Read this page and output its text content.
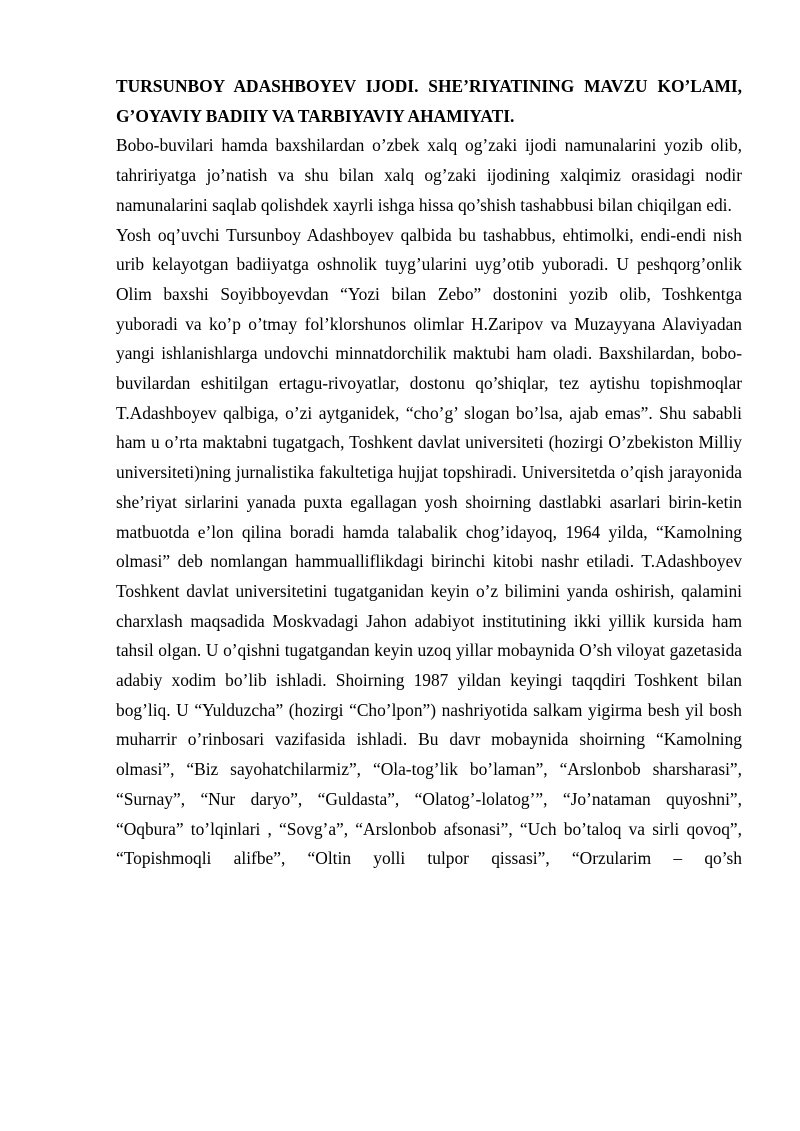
TURSUNBOY ADASHBOYEV IJODI. SHE’RIYATINING MAVZU KO’LAMI, G’OYAVIY BADIIY VA TARBIYAVIY AHAMIYATI.

Bobo-buvilari hamda baxshilardan o’zbek xalq og’zaki ijodi namunalarini yozib olib, tahririyatga jo’natish va shu bilan xalq og’zaki ijodining xalqimiz orasidagi nodir namunalarini saqlab qolishdek xayrli ishga hissa qo’shish tashabbusi bilan chiqilgan edi.

Yosh oq’uvchi Tursunboy Adashboyev qalbida bu tashabbus, ehtimolki, endi-endi nish urib kelayotgan badiiyatga oshnolik tuyg’ularini uyg’otib yuboradi. U peshqorg’onlik Olim baxshi Soyibboyevdan “Yozi bilan Zebo” dostonini yozib olib, Toshkentga yuboradi va ko’p o’tmay fol’klorshunos olimlar H.Zaripov va Muzayyana Alaviyadan yangi ishlanishlarga undovchi minnatdorchilik maktubi ham oladi. Baxshilardan, bobo-buvilardan eshitilgan ertagu-rivoyatlar, dostonu qo’shiqlar, tez aytishu topishmoqlar T.Adashboyev qalbiga, o’zi aytganidek, “cho’g’ slogan bo’lsa, ajab emas”. Shu sababli ham u o’rta maktabni tugatgach, Toshkent davlat universiteti (hozirgi O’zbekiston Milliy universiteti)ning jurnalistika fakultetiga hujjat topshiradi. Universitetda o’qish jarayonida she’riyat sirlarini yanada puxta egallagan yosh shoirning dastlabki asarlari birin-ketin matbuotda e’lon qilina boradi hamda talabalik chog’idayoq, 1964 yilda, “Kamolning olmasi” deb nomlangan hammualliflikdagi birinchi kitobi nashr etiladi. T.Adashboyev Toshkent davlat universitetini tugatganidan keyin o’z bilimini yanda oshirish, qalamini charxlash maqsadida Moskvadagi Jahon adabiyot institutining ikki yillik kursida ham tahsil olgan. U o’qishni tugatgandan keyin uzoq yillar mobaynida O’sh viloyat gazetasida adabiy xodim bo’lib ishladi. Shoirning 1987 yildan keyingi taqqdiri Toshkent bilan bog’liq. U “Yulduzcha” (hozirgi “Cho’lpon”) nashriyotida salkam yigirma besh yil bosh muharrir o’rinbosari vazifasida ishladi. Bu davr mobaynida shoirning “Kamolning olmasi”, “Biz sayohatchilarmiz”, “Ola-tog’lik bo’laman”, “Arslonbob sharsharasi”, “Surnay”, “Nur daryo”, “Guldasta”, “Olatog’-lolatog’”, “Jo’nataman quyoshni”, “Oqbura” to’lqinlari , “Sovg’a”, “Arslonbob afsonasi”, “Uch bo’taloq va sirli qovoq”, “Topishmoqli alifbe”, “Oltin yolli tulpor qissasi”, “Orzularim – qo’sh
